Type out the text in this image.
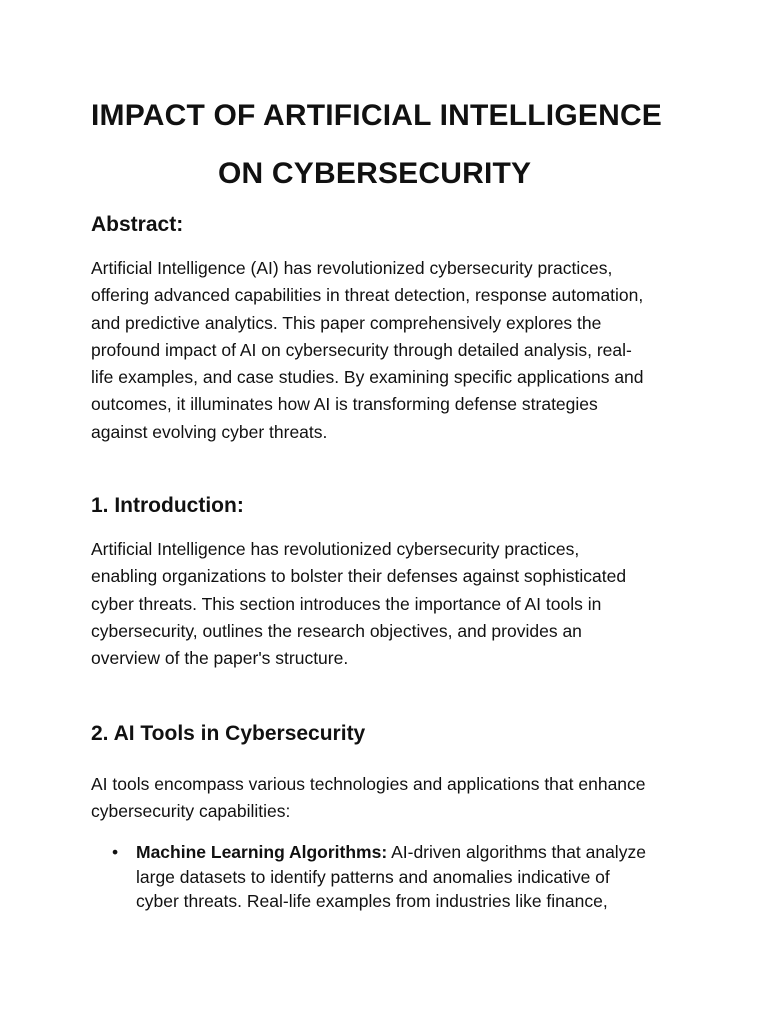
IMPACT OF ARTIFICIAL INTELLIGENCE
ON CYBERSECURITY
Abstract:
Artificial Intelligence (AI) has revolutionized cybersecurity practices,
offering advanced capabilities in threat detection, response automation,
and predictive analytics. This paper comprehensively explores the
profound impact of AI on cybersecurity through detailed analysis, real-
life examples, and case studies. By examining specific applications and
outcomes, it illuminates how AI is transforming defense strategies
against evolving cyber threats.
1. Introduction:
Artificial Intelligence has revolutionized cybersecurity practices,
enabling organizations to bolster their defenses against sophisticated
cyber threats. This section introduces the importance of AI tools in
cybersecurity, outlines the research objectives, and provides an
overview of the paper's structure.
2. AI Tools in Cybersecurity
AI tools encompass various technologies and applications that enhance
cybersecurity capabilities:
• Machine Learning Algorithms: AI-driven algorithms that analyze
large datasets to identify patterns and anomalies indicative of
cyber threats. Real-life examples from industries like finance,
